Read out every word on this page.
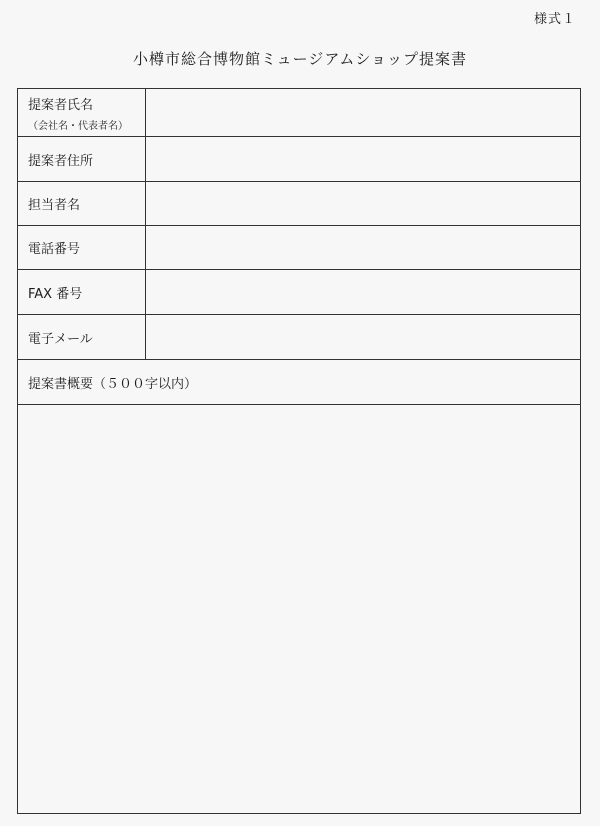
様式１
小樽市総合博物館ミュージアムショップ提案書
提案者氏名
（会社名・代表者名）
提案者住所
担当者名
電話番号
FAX 番号
電子メール
提案書概要（５００字以内）
